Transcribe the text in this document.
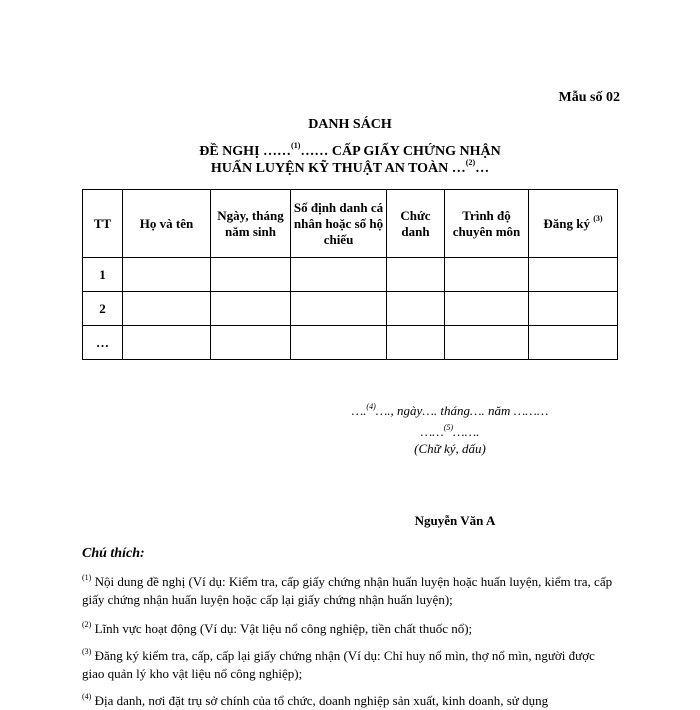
Mẫu số 02
DANH SÁCH
ĐỀ NGHỊ ……$^{(1)}$…… CẤP GIẤY CHỨNG NHẬN
HUẤN LUYỆN KỸ THUẬT AN TOÀN …$^{(2)}$…
TT	Họ và tên	Ngày, tháng năm sinh	Số định danh cá nhân hoặc số hộ chiếu	Chức danh	Trình độ chuyên môn	Đăng ký $^{(3)}$
1						
2						
…						
….$^{(4)}$…., ngày…. tháng…. năm ………
……$^{(5)}$…….
(Chữ ký, dấu)
Nguyễn Văn A
Chú thích:
$^{(1)}$ Nội dung đề nghị (Ví dụ: Kiểm tra, cấp giấy chứng nhận huấn luyện hoặc huấn luyện, kiểm tra, cấp giấy chứng nhận huấn luyện hoặc cấp lại giấy chứng nhận huấn luyện);
$^{(2)}$ Lĩnh vực hoạt động (Ví dụ: Vật liệu nổ công nghiệp, tiền chất thuốc nổ);
$^{(3)}$ Đăng ký kiểm tra, cấp, cấp lại giấy chứng nhận (Ví dụ: Chỉ huy nổ mìn, thợ nổ mìn, người được giao quản lý kho vật liệu nổ công nghiệp);
$^{(4)}$ Địa danh, nơi đặt trụ sở chính của tổ chức, doanh nghiệp sản xuất, kinh doanh, sử dụng
